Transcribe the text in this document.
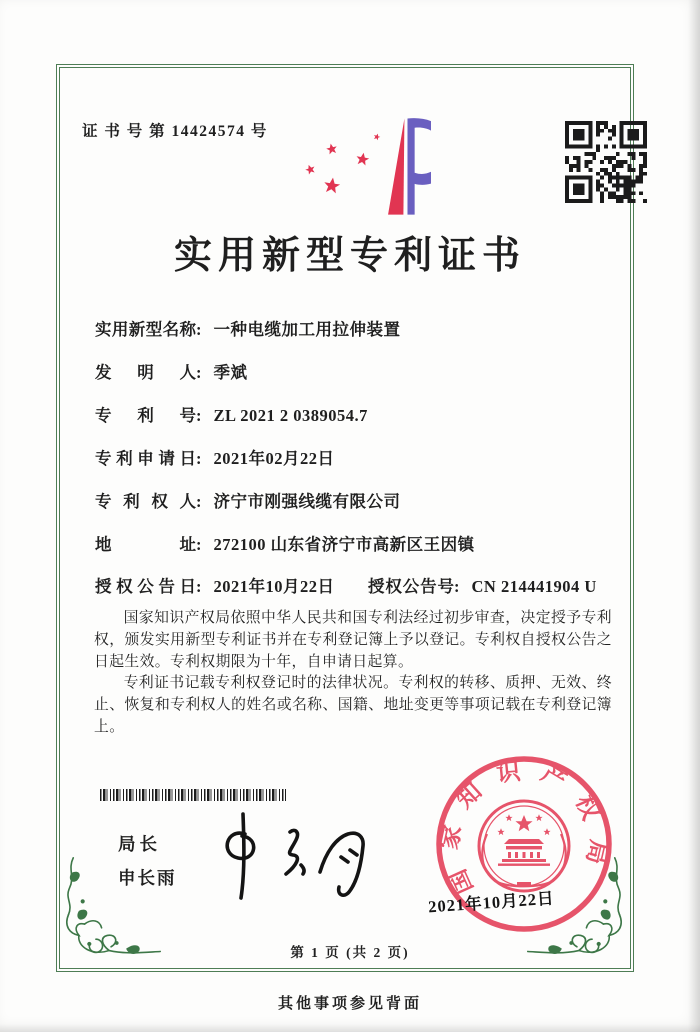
证 书 号 第 14424574 号
实用新型专利证书
实用新型名称: 一种电缆加工用拉伸装置
发明人: 季斌
专利号: ZL 2021 2 0389054.7
专利申请日: 2021年02月22日
专利权人: 济宁市刚强线缆有限公司
地址: 272100 山东省济宁市高新区王因镇
授权公告日: 2021年10月22日 授权公告号: CN 214441904 U

国家知识产权局依照中华人民共和国专利法经过初步审查，决定授予专利权，颁发实用新型专利证书并在专利登记簿上予以登记。专利权自授权公告之日起生效。专利权期限为十年，自申请日起算。

专利证书记载专利权登记时的法律状况。专利权的转移、质押、无效、终止、恢复和专利权人的姓名或名称、国籍、地址变更等事项记载在专利登记簿上。

局长
申长雨	国家知识产权局
2021年10月22日
第 1 页 (共 2 页)
其他事项参见背面
